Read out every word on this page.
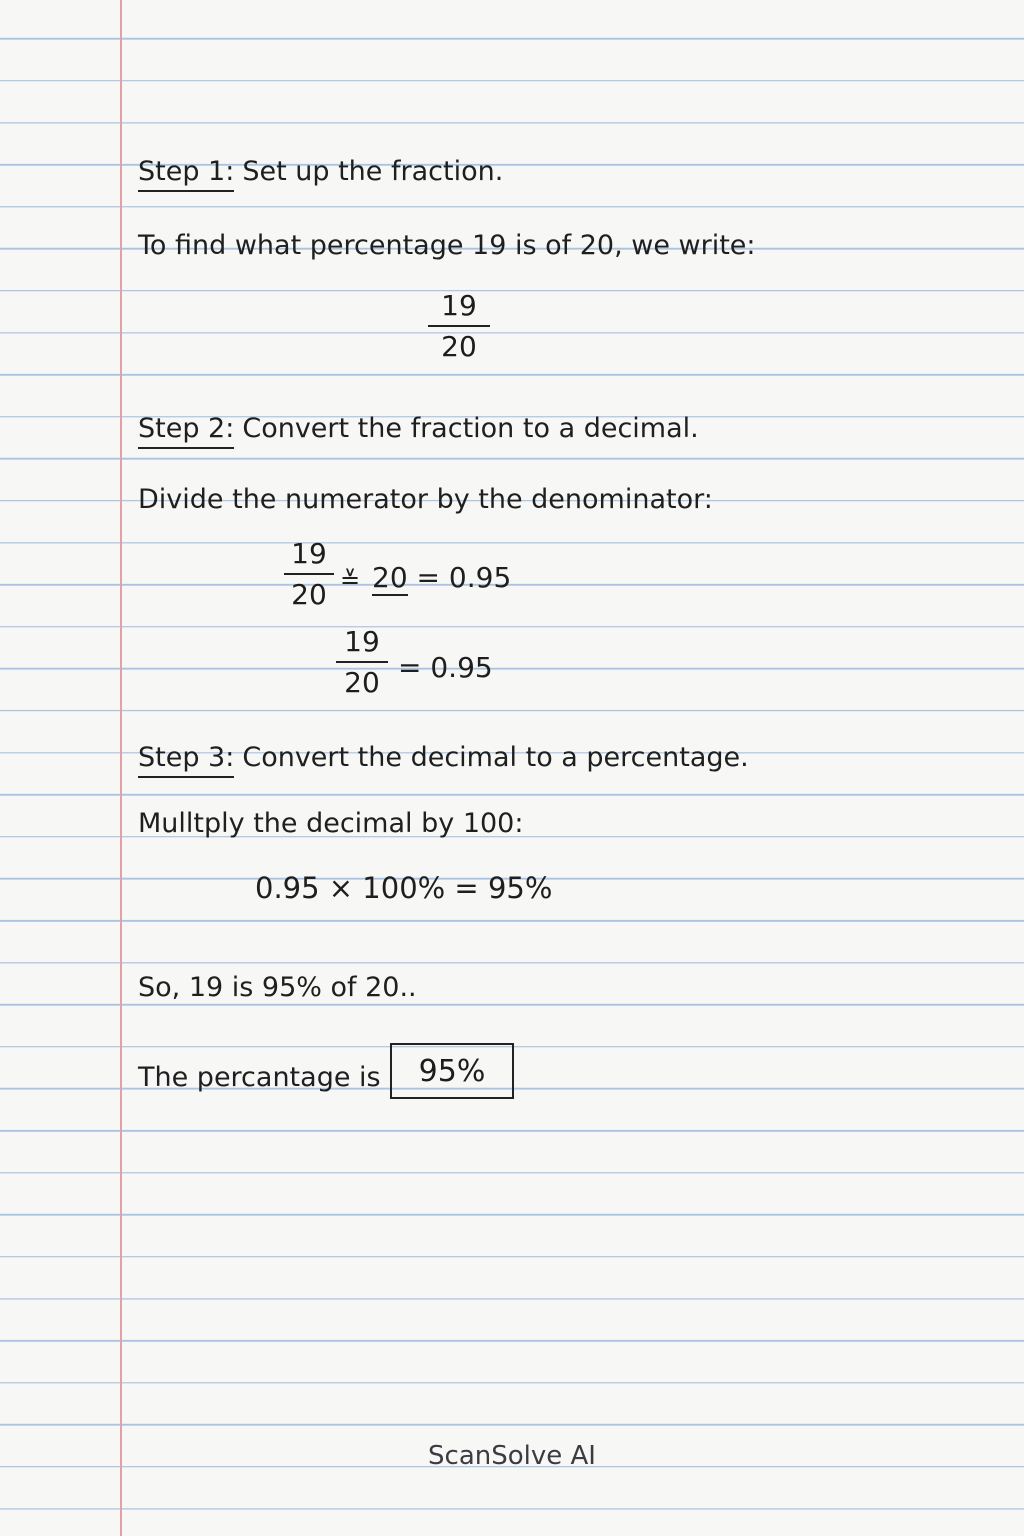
Step 1: Set up the fraction.
To find what percentage 19 is of 20, we write:
19
20
Step 2: Convert the fraction to a decimal.
Divide the numerator by the denominator:
19
20 ≚ 20 = 0.95
19
20 = 0.95
Step 3: Convert the decimal to a percentage.
Mulltply the decimal by 100:
0.95 × 100% = 95%
So, 19 is 95% of 20..
The percantage is 95%
ScanSolve AI
